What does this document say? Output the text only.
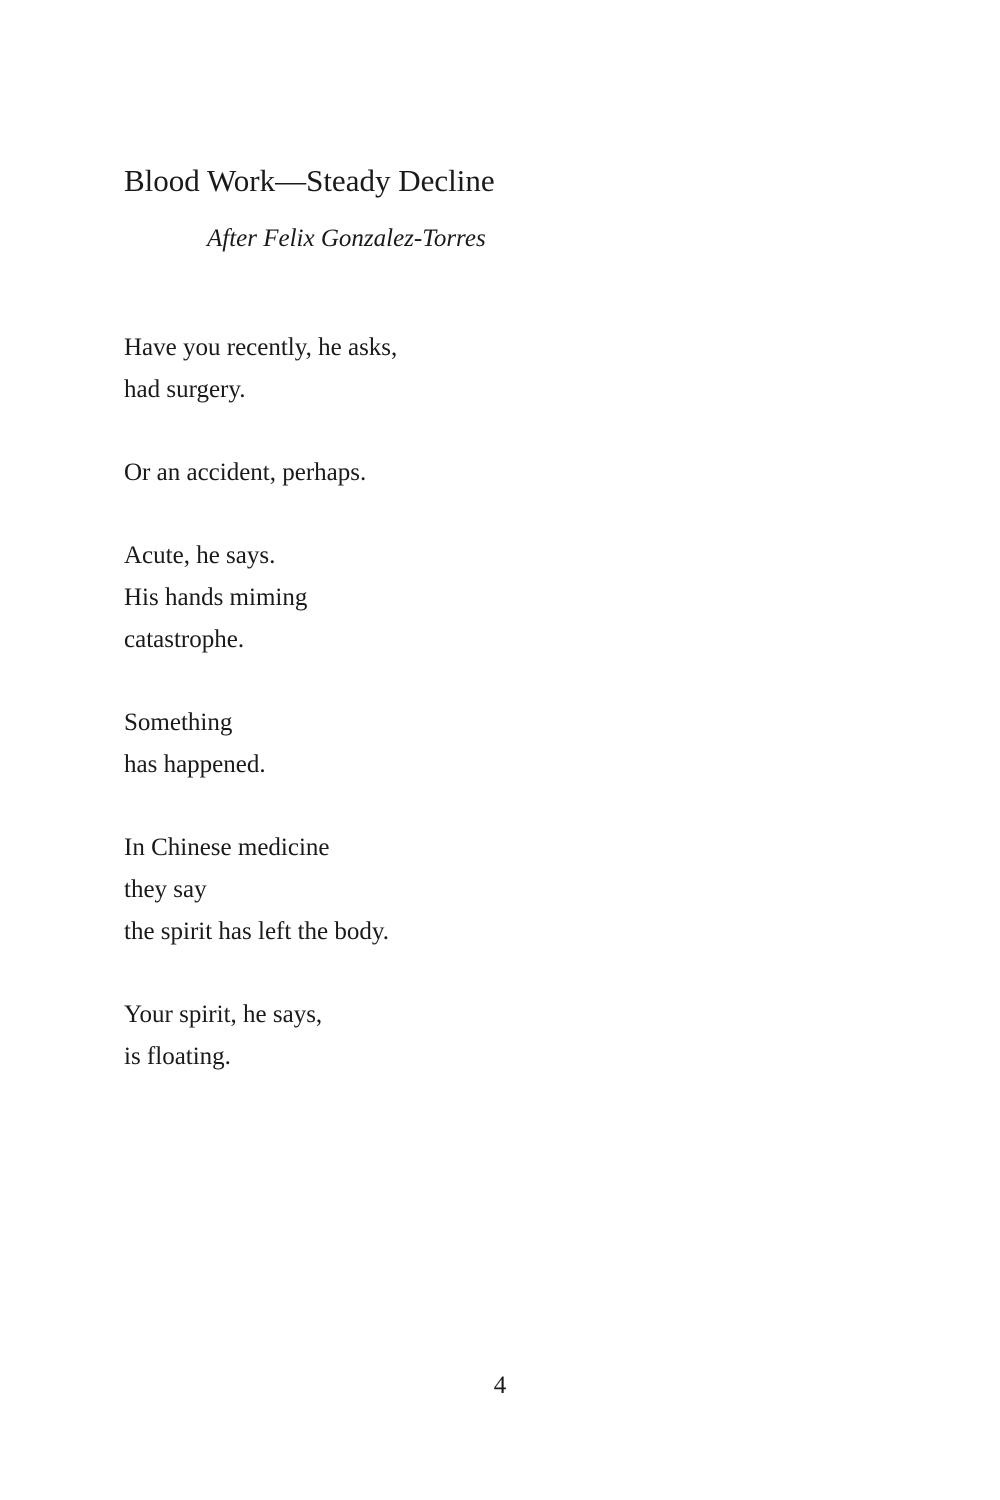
Blood Work—Steady Decline

After Felix Gonzalez-Torres

Have you recently, he asks,
had surgery.
Or an accident, perhaps.
Acute, he says.
His hands miming
catastrophe.
Something
has happened.
In Chinese medicine
they say
the spirit has left the body.
Your spirit, he says,
is floating.
4
